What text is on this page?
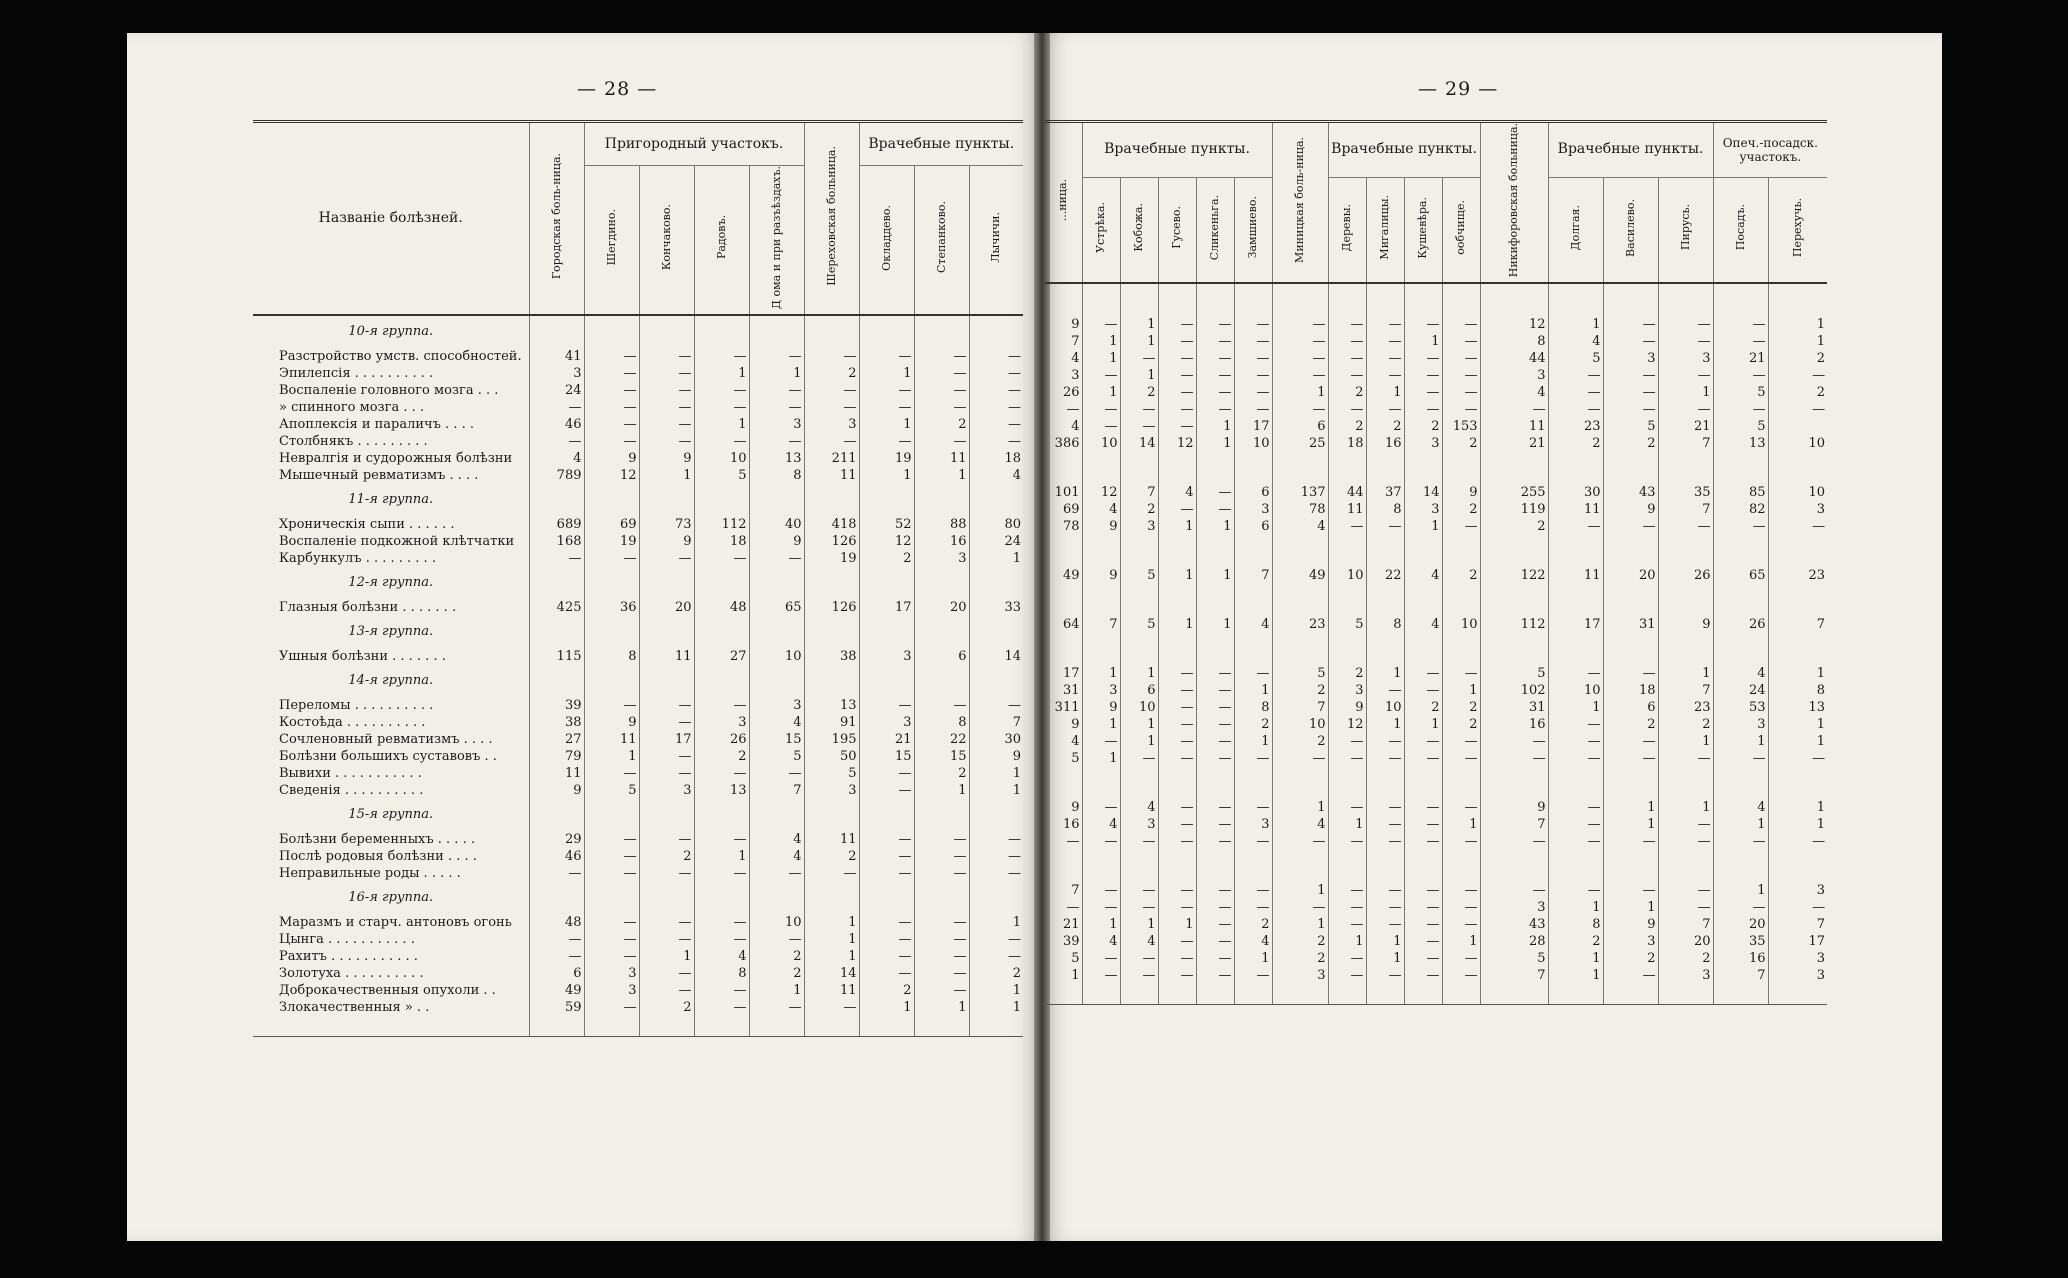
— 28 —	— 29 —
Названіе болѣзней.	Городская боль-ница.	Пригородный участокъ.				Шереховская больница.	Врачебные пункты.		
		Шегдино.	Кончаково.	Радовъ.	Д ома и при разъѣздахъ.		Окладдево.	Степанково.	Лычичи.
10-я группа.									
Разстройство умств. способностей.	41	—	—	—	—	—	—	—	—
Эпилепсія . . . . . . . . . .	3	—	—	1	1	2	1	—	—
Воспаленіе головного мозга . . .	24	—	—	—	—	—	—	—	—
» спинного мозга . . .	—	—	—	—	—	—	—	—	—
Апоплексія и параличъ . . . .	46	—	—	1	3	3	1	2	—
Столбнякъ . . . . . . . . .	—	—	—	—	—	—	—	—	—
Невралгія и судорожныя болѣзни	4	9	9	10	13	211	19	11	18
Мышечный ревматизмъ . . . .	789	12	1	5	8	11	1	1	4
11-я группа.									
Хроническія сыпи . . . . . .	689	69	73	112	40	418	52	88	80
Воспаленіе подкожной клѣтчатки	168	19	9	18	9	126	12	16	24
Карбункулъ . . . . . . . . .	—	—	—	—	—	19	2	3	1
12-я группа.									
Глазныя болѣзни . . . . . . .	425	36	20	48	65	126	17	20	33
13-я группа.									
Ушныя болѣзни . . . . . . .	115	8	11	27	10	38	3	6	14
14-я группа.									
Переломы . . . . . . . . . .	39	—	—	—	3	13	—	—	—
Костоѣда . . . . . . . . . .	38	9	—	3	4	91	3	8	7
Сочленовный ревматизмъ . . . .	27	11	17	26	15	195	21	22	30
Болѣзни большихъ суставовъ . .	79	1	—	2	5	50	15	15	9
Вывихи . . . . . . . . . . .	11	—	—	—	—	5	—	2	1
Сведенія . . . . . . . . . .	9	5	3	13	7	3	—	1	1
15-я группа.									
Болѣзни беременныхъ . . . . .	29	—	—	—	4	11	—	—	—
Послѣ родовыя болѣзни . . . .	46	—	2	1	4	2	—	—	—
Неправильные роды . . . . .	—	—	—	—	—	—	—	—	—
16-я группа.									
Маразмъ и старч. антоновъ огонь	48	—	—	—	10	1	—	—	1
Цынга . . . . . . . . . . .	—	—	—	—	—	1	—	—	—
Рахитъ . . . . . . . . . . .	—	—	1	4	2	1	—	—	—
Золотуха . . . . . . . . . .	6	3	—	8	2	14	—	—	2
Доброкачественныя опухоли . .	49	3	—	—	1	11	2	—	1
Злокачественныя » . .	59	—	2	—	—	—	1	1	1

...ница.	Врачебные пункты.					Миницкая боль-ница.	Врачебные пункты.				Никифоровская больница.	Врачебные пункты.			Опеч.-посадск. участокъ.	
	Устрѣка.	Кобожа.	Гусево.	Сликеньга.	Замшиево.		Деревы.	Мигалицы.	Кушевѣра.	ообчище.		Долгая.	Василево.	Пирусь.	Посадъ.	Перехучь.

9	—	1	—	—	—	—	—	—	—	—	12	1	—	—	—	1
7	1	1	—	—	—	—	—	—	1	—	8	4	—	—	—	1
4	1	—	—	—	—	—	—	—	—	—	44	5	3	3	21	2
3	—	1	—	—	—	—	—	—	—	—	3	—	—	—	—	—
26	1	2	—	—	—	1	2	1	—	—	4	—	—	1	5	2
—	—	—	—	—	—	—	—	—	—	—	—	—	—	—	—	—
4	—	—	—	1	17	6	2	2	2	153	11	23	5	21	5	
386	10	14	12	1	10	25	18	16	3	2	21	2	2	7	13	10

101	12	7	4	—	6	137	44	37	14	9	255	30	43	35	85	10
69	4	2	—	—	3	78	11	8	3	2	119	11	9	7	82	3
78	9	3	1	1	6	4	—	—	1	—	2	—	—	—	—	—

49	9	5	1	1	7	49	10	22	4	2	122	11	20	26	65	23

64	7	5	1	1	4	23	5	8	4	10	112	17	31	9	26	7

17	1	1	—	—	—	5	2	1	—	—	5	—	—	1	4	1
31	3	6	—	—	1	2	3	—	—	1	102	10	18	7	24	8
311	9	10	—	—	8	7	9	10	2	2	31	1	6	23	53	13
9	1	1	—	—	2	10	12	1	1	2	16	—	2	2	3	1
4	—	1	—	—	1	2	—	—	—	—	—	—	—	1	1	1
5	1	—	—	—	—	—	—	—	—	—	—	—	—	—	—	—

9	—	4	—	—	—	1	—	—	—	—	9	—	1	1	4	1
16	4	3	—	—	3	4	1	—	—	1	7	—	1	—	1	1
—	—	—	—	—	—	—	—	—	—	—	—	—	—	—	—	—

7	—	—	—	—	—	1	—	—	—	—	—	—	—	—	1	3
—	—	—	—	—	—	—	—	—	—	—	3	1	1	—	—	—
21	1	1	1	—	2	1	—	—	—	—	43	8	9	7	20	7
39	4	4	—	—	4	2	1	1	—	1	28	2	3	20	35	17
5	—	—	—	—	1	2	—	1	—	—	5	1	2	2	16	3
1	—	—	—	—	—	3	—	—	—	—	7	1	—	3	7	3
